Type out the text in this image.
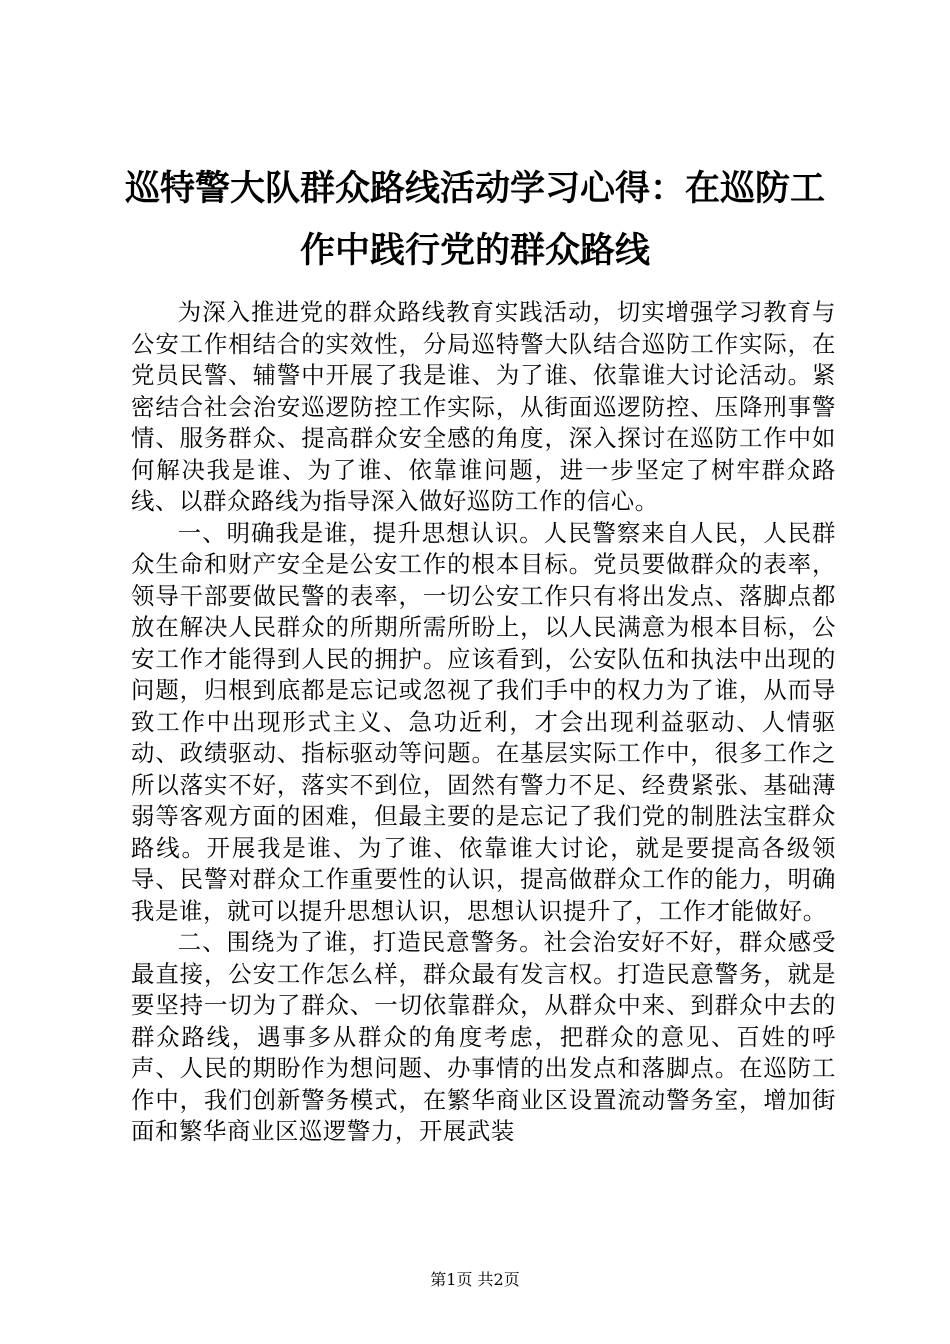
巡特警大队群众路线活动学习心得：在巡防工
作中践行党的群众路线

为深入推进党的群众路线教育实践活动，切实增强学习教育与公安工作相结合的实效性，分局巡特警大队结合巡防工作实际，在党员民警、辅警中开展了我是谁、为了谁、依靠谁大讨论活动。紧密结合社会治安巡逻防控工作实际，从街面巡逻防控、压降刑事警情、服务群众、提高群众安全感的角度，深入探讨在巡防工作中如何解决我是谁、为了谁、依靠谁问题，进一步坚定了树牢群众路线、以群众路线为指导深入做好巡防工作的信心。

一、明确我是谁，提升思想认识。人民警察来自人民，人民群众生命和财产安全是公安工作的根本目标。党员要做群众的表率，领导干部要做民警的表率，一切公安工作只有将出发点、落脚点都放在解决人民群众的所期所需所盼上，以人民满意为根本目标，公安工作才能得到人民的拥护。应该看到，公安队伍和执法中出现的问题，归根到底都是忘记或忽视了我们手中的权力为了谁，从而导致工作中出现形式主义、急功近利，才会出现利益驱动、人情驱动、政绩驱动、指标驱动等问题。在基层实际工作中，很多工作之所以落实不好，落实不到位，固然有警力不足、经费紧张、基础薄弱等客观方面的困难，但最主要的是忘记了我们党的制胜法宝群众路线。开展我是谁、为了谁、依靠谁大讨论，就是要提高各级领导、民警对群众工作重要性的认识，提高做群众工作的能力，明确我是谁，就可以提升思想认识，思想认识提升了，工作才能做好。

二、围绕为了谁，打造民意警务。社会治安好不好，群众感受最直接，公安工作怎么样，群众最有发言权。打造民意警务，就是要坚持一切为了群众、一切依靠群众，从群众中来、到群众中去的群众路线，遇事多从群众的角度考虑，把群众的意见、百姓的呼声、人民的期盼作为想问题、办事情的出发点和落脚点。在巡防工作中，我们创新警务模式，在繁华商业区设置流动警务室，增加街面和繁华商业区巡逻警力，开展武装

第1页 共2页
